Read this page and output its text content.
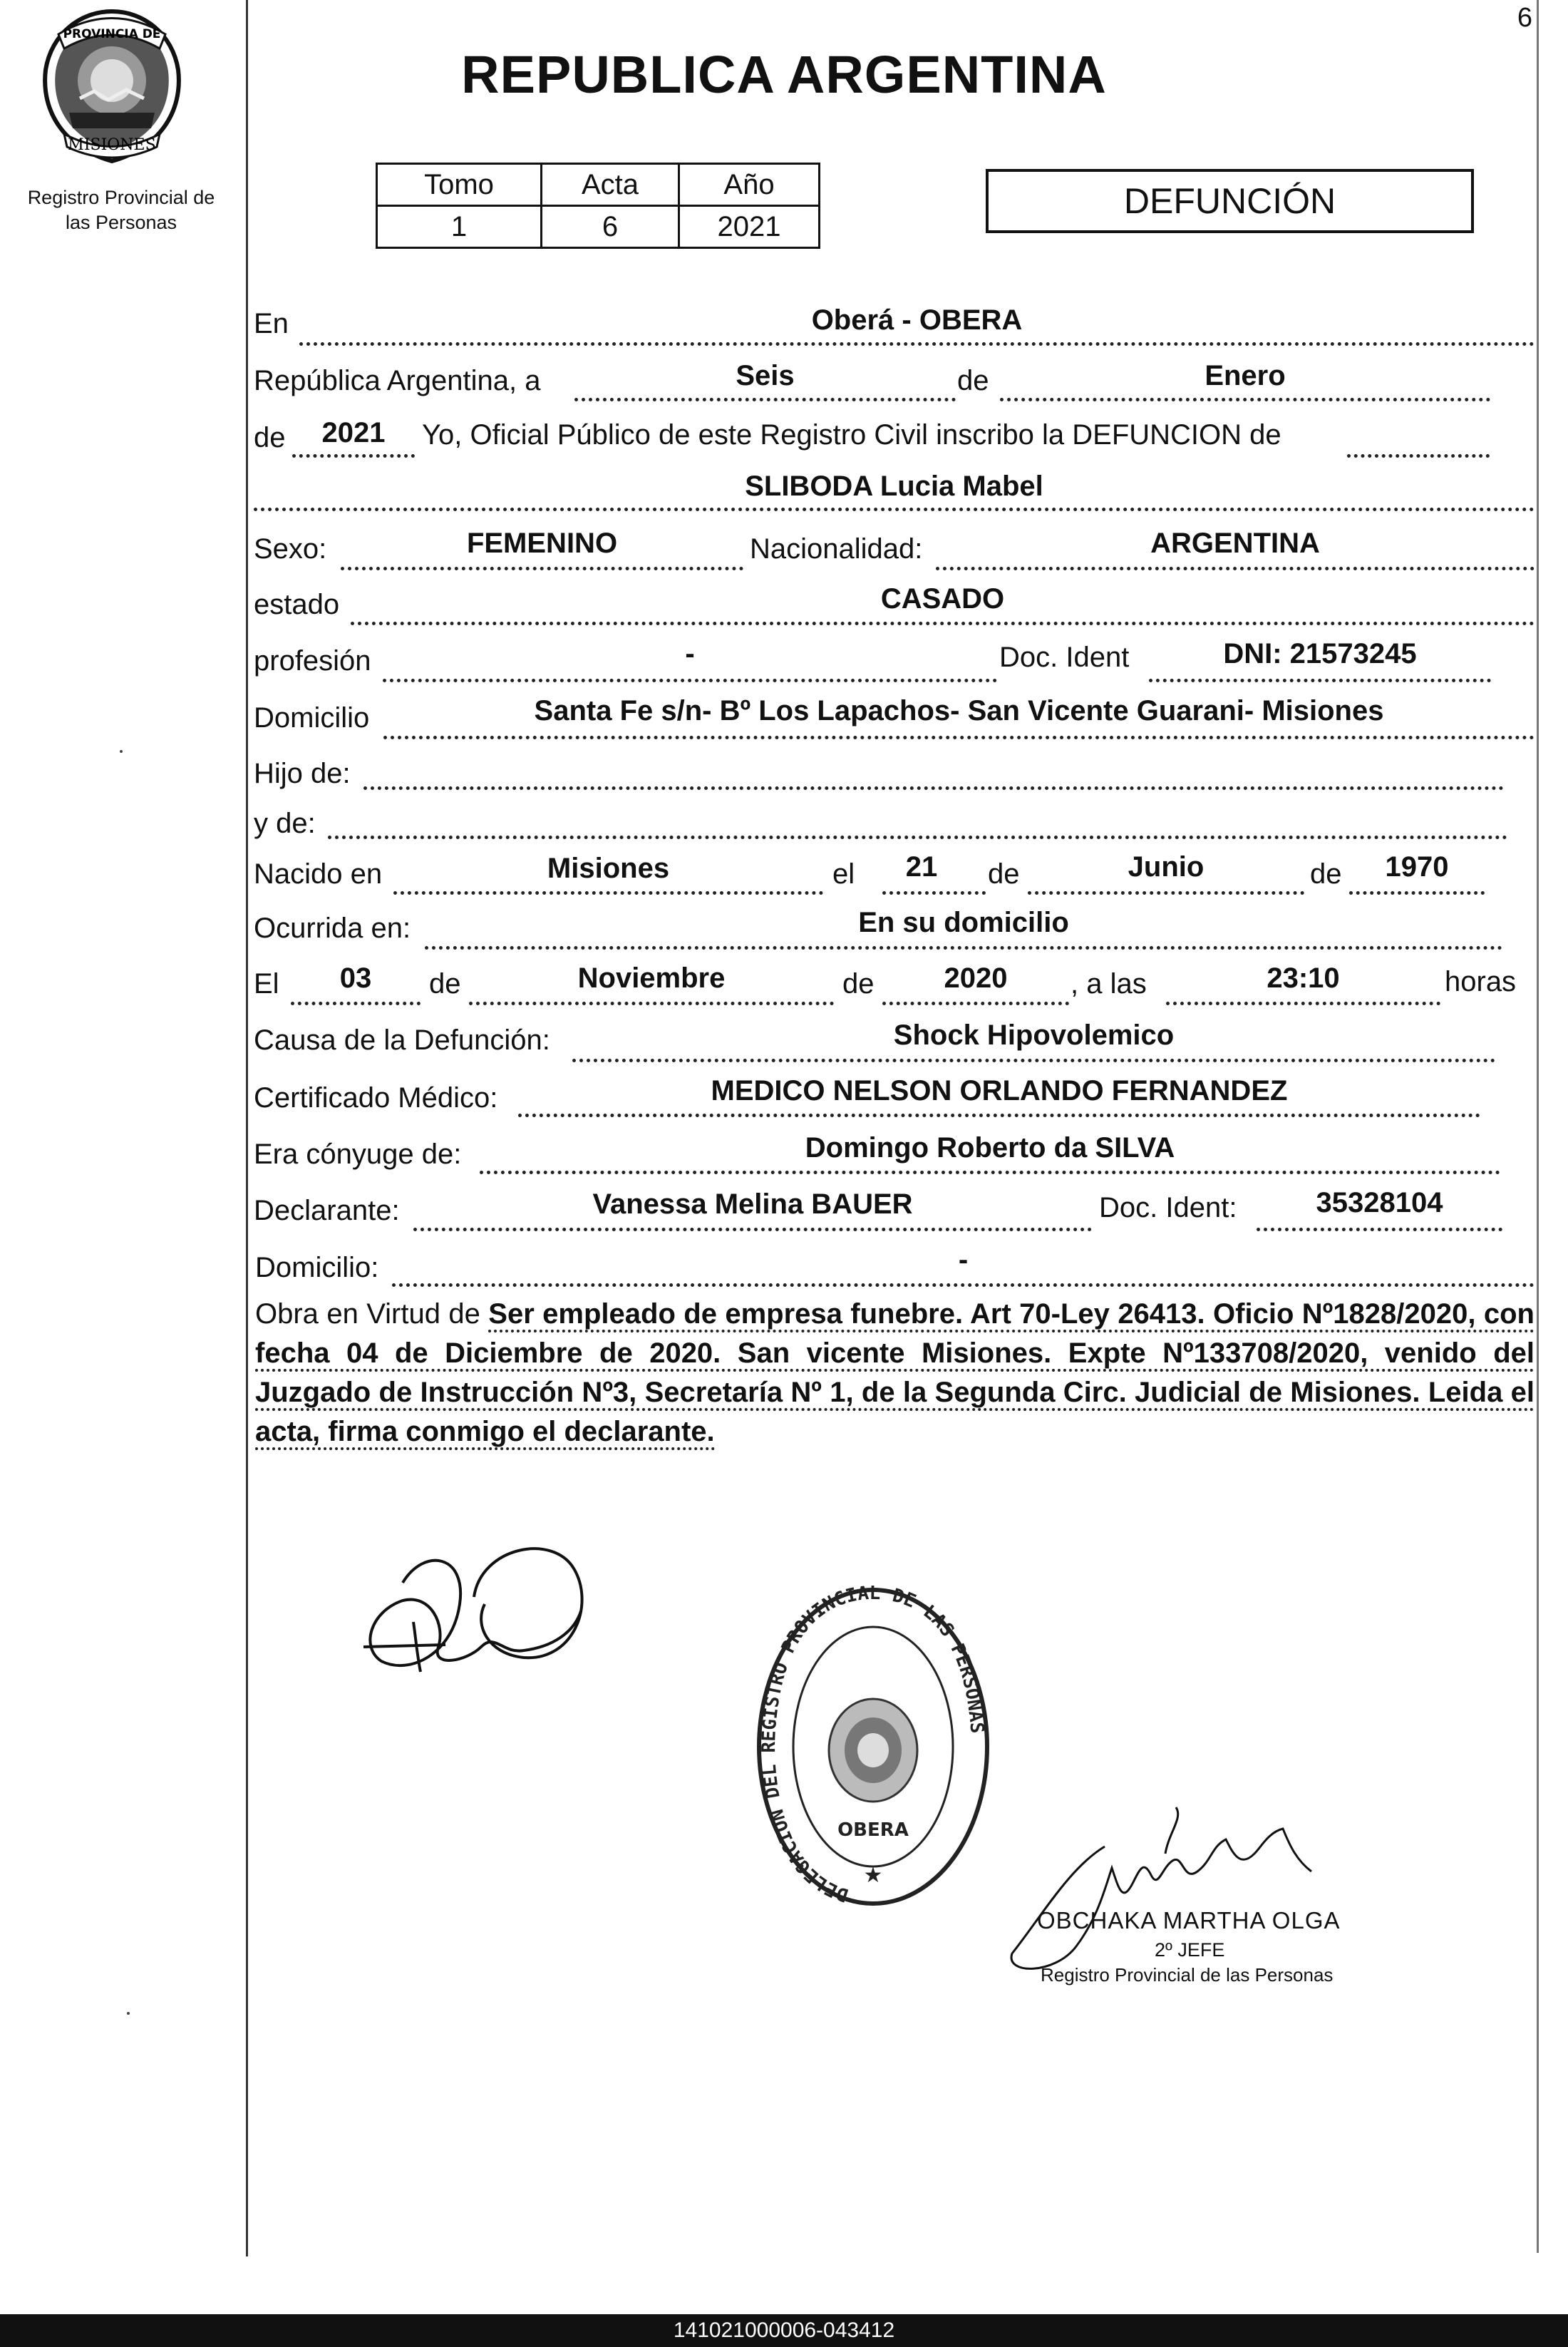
6
PROVINCIA DE
MISIONES
Registro Provincial de
las Personas
REPUBLICA ARGENTINA
Tomo	Acta	Año
1	6	2021
DEFUNCIÓN
En	Oberá - OBERA
República Argentina, a	Seis	de	Enero
de	2021	Yo, Oficial Público de este Registro Civil inscribo la DEFUNCION de
SLIBODA Lucia Mabel
Sexo:	FEMENINO	Nacionalidad:	ARGENTINA
estado	CASADO
profesión	-	Doc. Ident	DNI: 21573245
Domicilio	Santa Fe s/n- Bº Los Lapachos- San Vicente Guarani- Misiones
Hijo de:
y de:
Nacido en	Misiones	el	21	de	Junio	de	1970
Ocurrida en:	En su domicilio
El	03	de	Noviembre	de	2020	, a las	23:10	horas
Causa de la Defunción:	Shock Hipovolemico
Certificado Médico:	MEDICO NELSON ORLANDO FERNANDEZ
Era cónyuge de:	Domingo Roberto da SILVA
Declarante:	Vanessa Melina BAUER	Doc. Ident:	35328104
Domicilio:	-
Obra en Virtud de Ser empleado de empresa funebre. Art 70-Ley 26413. Oficio Nº1828/2020, con fecha 04 de Diciembre de 2020. San vicente Misiones. Expte Nº133708/2020, venido del Juzgado de Instrucción Nº3, Secretaría Nº 1, de la Segunda Circ. Judicial de Misiones. Leida el acta, firma conmigo el declarante.
DELEGACION DEL REGISTRO PROVINCIAL DE LAS PERSONAS
OBERA
★
OBCHAKA MARTHA OLGA
2º JEFE
Registro Provincial de las Personas
141021000006-043412
